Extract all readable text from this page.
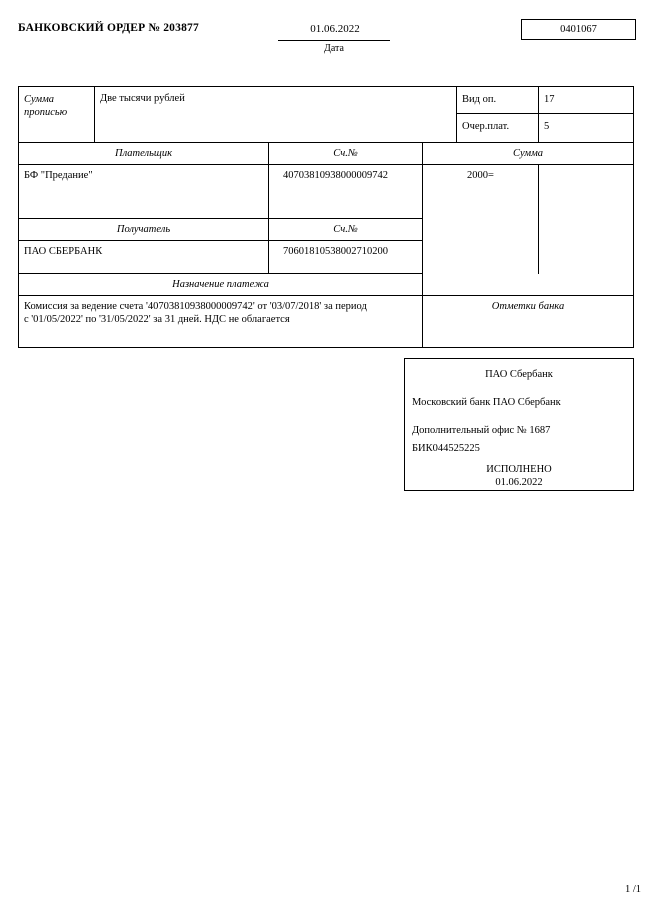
БАНКОВСКИЙ ОРДЕР № 203877	01.06.2022
Дата
0401067
Сумма
прописью
Две тысячи рублей	Вид оп.	17
Очер.плат.	5
Плательщик	Сч.№	Сумма
БФ "Предание"	40703810938000009742	2000=
Получатель	Сч.№
ПАО СБЕРБАНК	70601810538002710200
Назначение платежа
Комиссия за ведение счета '40703810938000009742' от '03/07/2018' за период
с '01/05/2022' по '31/05/2022' за 31 дней. НДС не облагается
Отметки банка
ПАО Сбербанк
Московский банк ПАО Сбербанк
Дополнительный офис № 1687
БИК044525225
ИСПОЛНЕНО
01.06.2022
1 /1
